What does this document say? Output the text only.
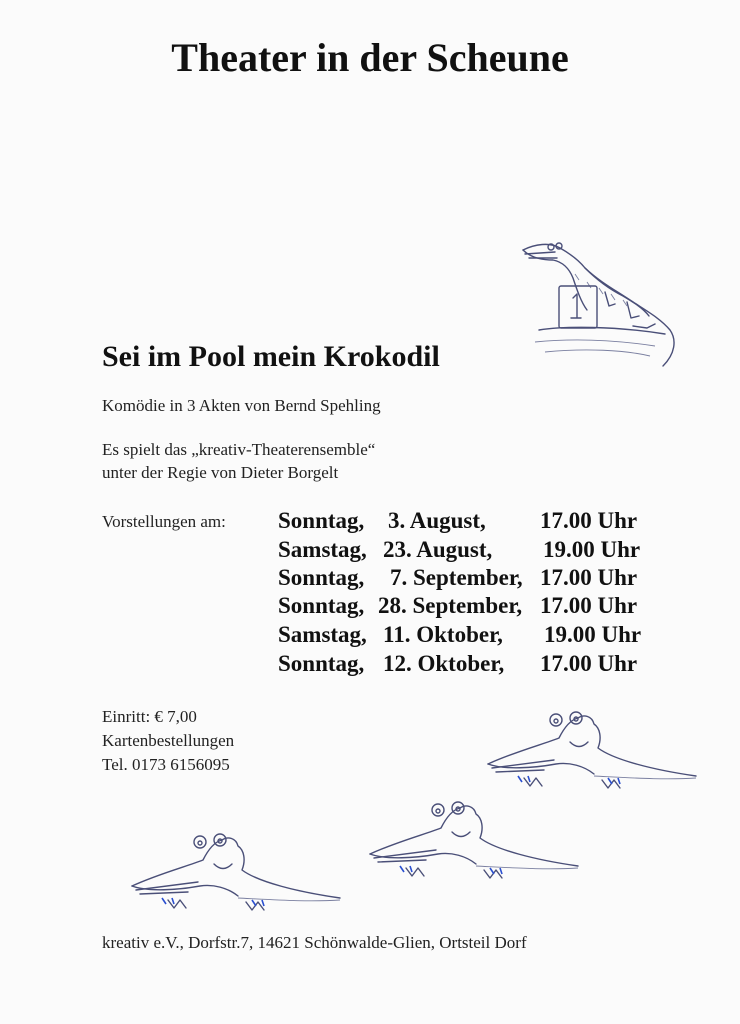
Theater in der Scheune
Sei im Pool mein Krokodil
Komödie in 3 Akten von Bernd Spehling
Es spielt das „kreativ-Theaterensemble“
unter der Regie von Dieter Borgelt
Vorstellungen am: Sonntag, 3. August, 17.00 Uhr
Samstag, 23. August, 19.00 Uhr
Sonntag, 7. September, 17.00 Uhr
Sonntag, 28. September, 17.00 Uhr
Samstag, 11. Oktober, 19.00 Uhr
Sonntag, 12. Oktober, 17.00 Uhr
Einritt: € 7,00
Kartenbestellungen
Tel. 0173 6156095
kreativ e.V., Dorfstr.7, 14621 Schönwalde-Glien, Ortsteil Dorf
